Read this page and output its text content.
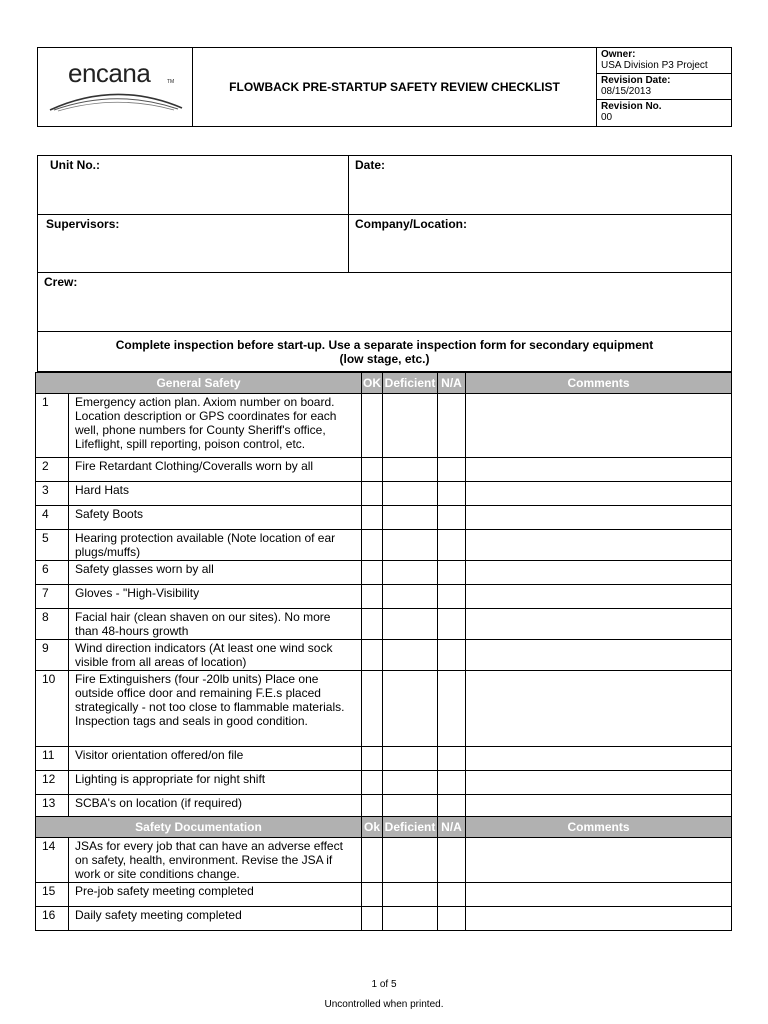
encana	TM	FLOWBACK PRE-STARTUP SAFETY REVIEW CHECKLIST	
Owner:
USA Division P3 Project
Revision Date:
08/15/2013
Revision No.
00
Unit No.:	Date:
Supervisors:	Company/Location:
Crew:	
Complete inspection before start-up. Use a separate inspection form for secondary equipment
(low stage, etc.)	
General Safety		OK	Deficient	N/A	Comments
1	Emergency action plan. Axiom number on board. Location description or GPS coordinates for each well, phone numbers for County Sheriff's office, Lifeflight, spill reporting, poison control, etc.				
2	Fire Retardant Clothing/Coveralls worn by all				
3	Hard Hats				
4	Safety Boots				
5	Hearing protection available (Note location of ear plugs/muffs)				
6	Safety glasses worn by all				
7	Gloves - "High-Visibility				
8	Facial hair (clean shaven on our sites). No more than 48-hours growth				
9	Wind direction indicators (At least one wind sock visible from all areas of location)				
10	Fire Extinguishers (four -20lb units) Place one outside office door and remaining F.E.s placed strategically - not too close to flammable materials. Inspection tags and seals in good condition.				
11	Visitor orientation offered/on file				
12	Lighting is appropriate for night shift				
13	SCBA's on location (if required)				
Safety Documentation		Ok	Deficient	N/A	Comments
14	JSAs for every job that can have an adverse effect on safety, health, environment. Revise the JSA if work or site conditions change.				
15	Pre-job safety meeting completed				
16	Daily safety meeting completed				
1 of 5
Uncontrolled when printed.
